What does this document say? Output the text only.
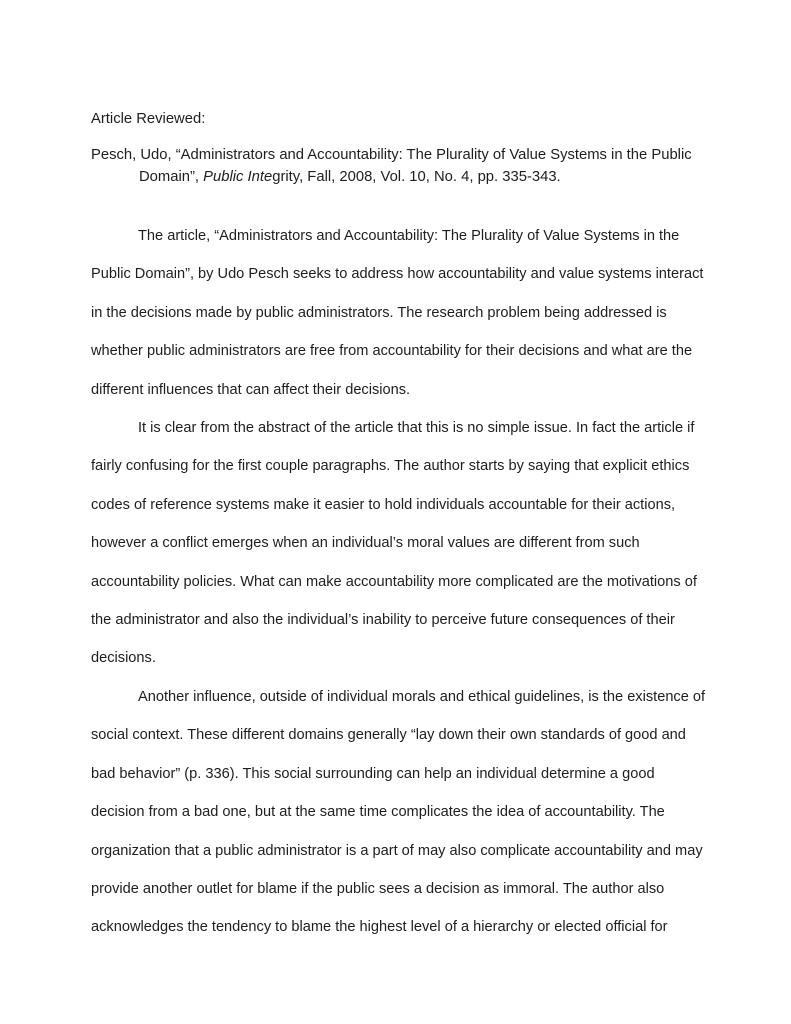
Article Reviewed:
Pesch, Udo, “Administrators and Accountability: The Plurality of Value Systems in the Public
Domain”, Public Integrity, Fall, 2008, Vol. 10, No. 4, pp. 335-343.
The article, “Administrators and Accountability: The Plurality of Value Systems in the
Public Domain”, by Udo Pesch seeks to address how accountability and value systems interact
in the decisions made by public administrators. The research problem being addressed is
whether public administrators are free from accountability for their decisions and what are the
different influences that can affect their decisions.
It is clear from the abstract of the article that this is no simple issue. In fact the article if
fairly confusing for the first couple paragraphs. The author starts by saying that explicit ethics
codes of reference systems make it easier to hold individuals accountable for their actions,
however a conflict emerges when an individual’s moral values are different from such
accountability policies. What can make accountability more complicated are the motivations of
the administrator and also the individual’s inability to perceive future consequences of their
decisions.
Another influence, outside of individual morals and ethical guidelines, is the existence of
social context. These different domains generally “lay down their own standards of good and
bad behavior” (p. 336). This social surrounding can help an individual determine a good
decision from a bad one, but at the same time complicates the idea of accountability. The
organization that a public administrator is a part of may also complicate accountability and may
provide another outlet for blame if the public sees a decision as immoral. The author also
acknowledges the tendency to blame the highest level of a hierarchy or elected official for
